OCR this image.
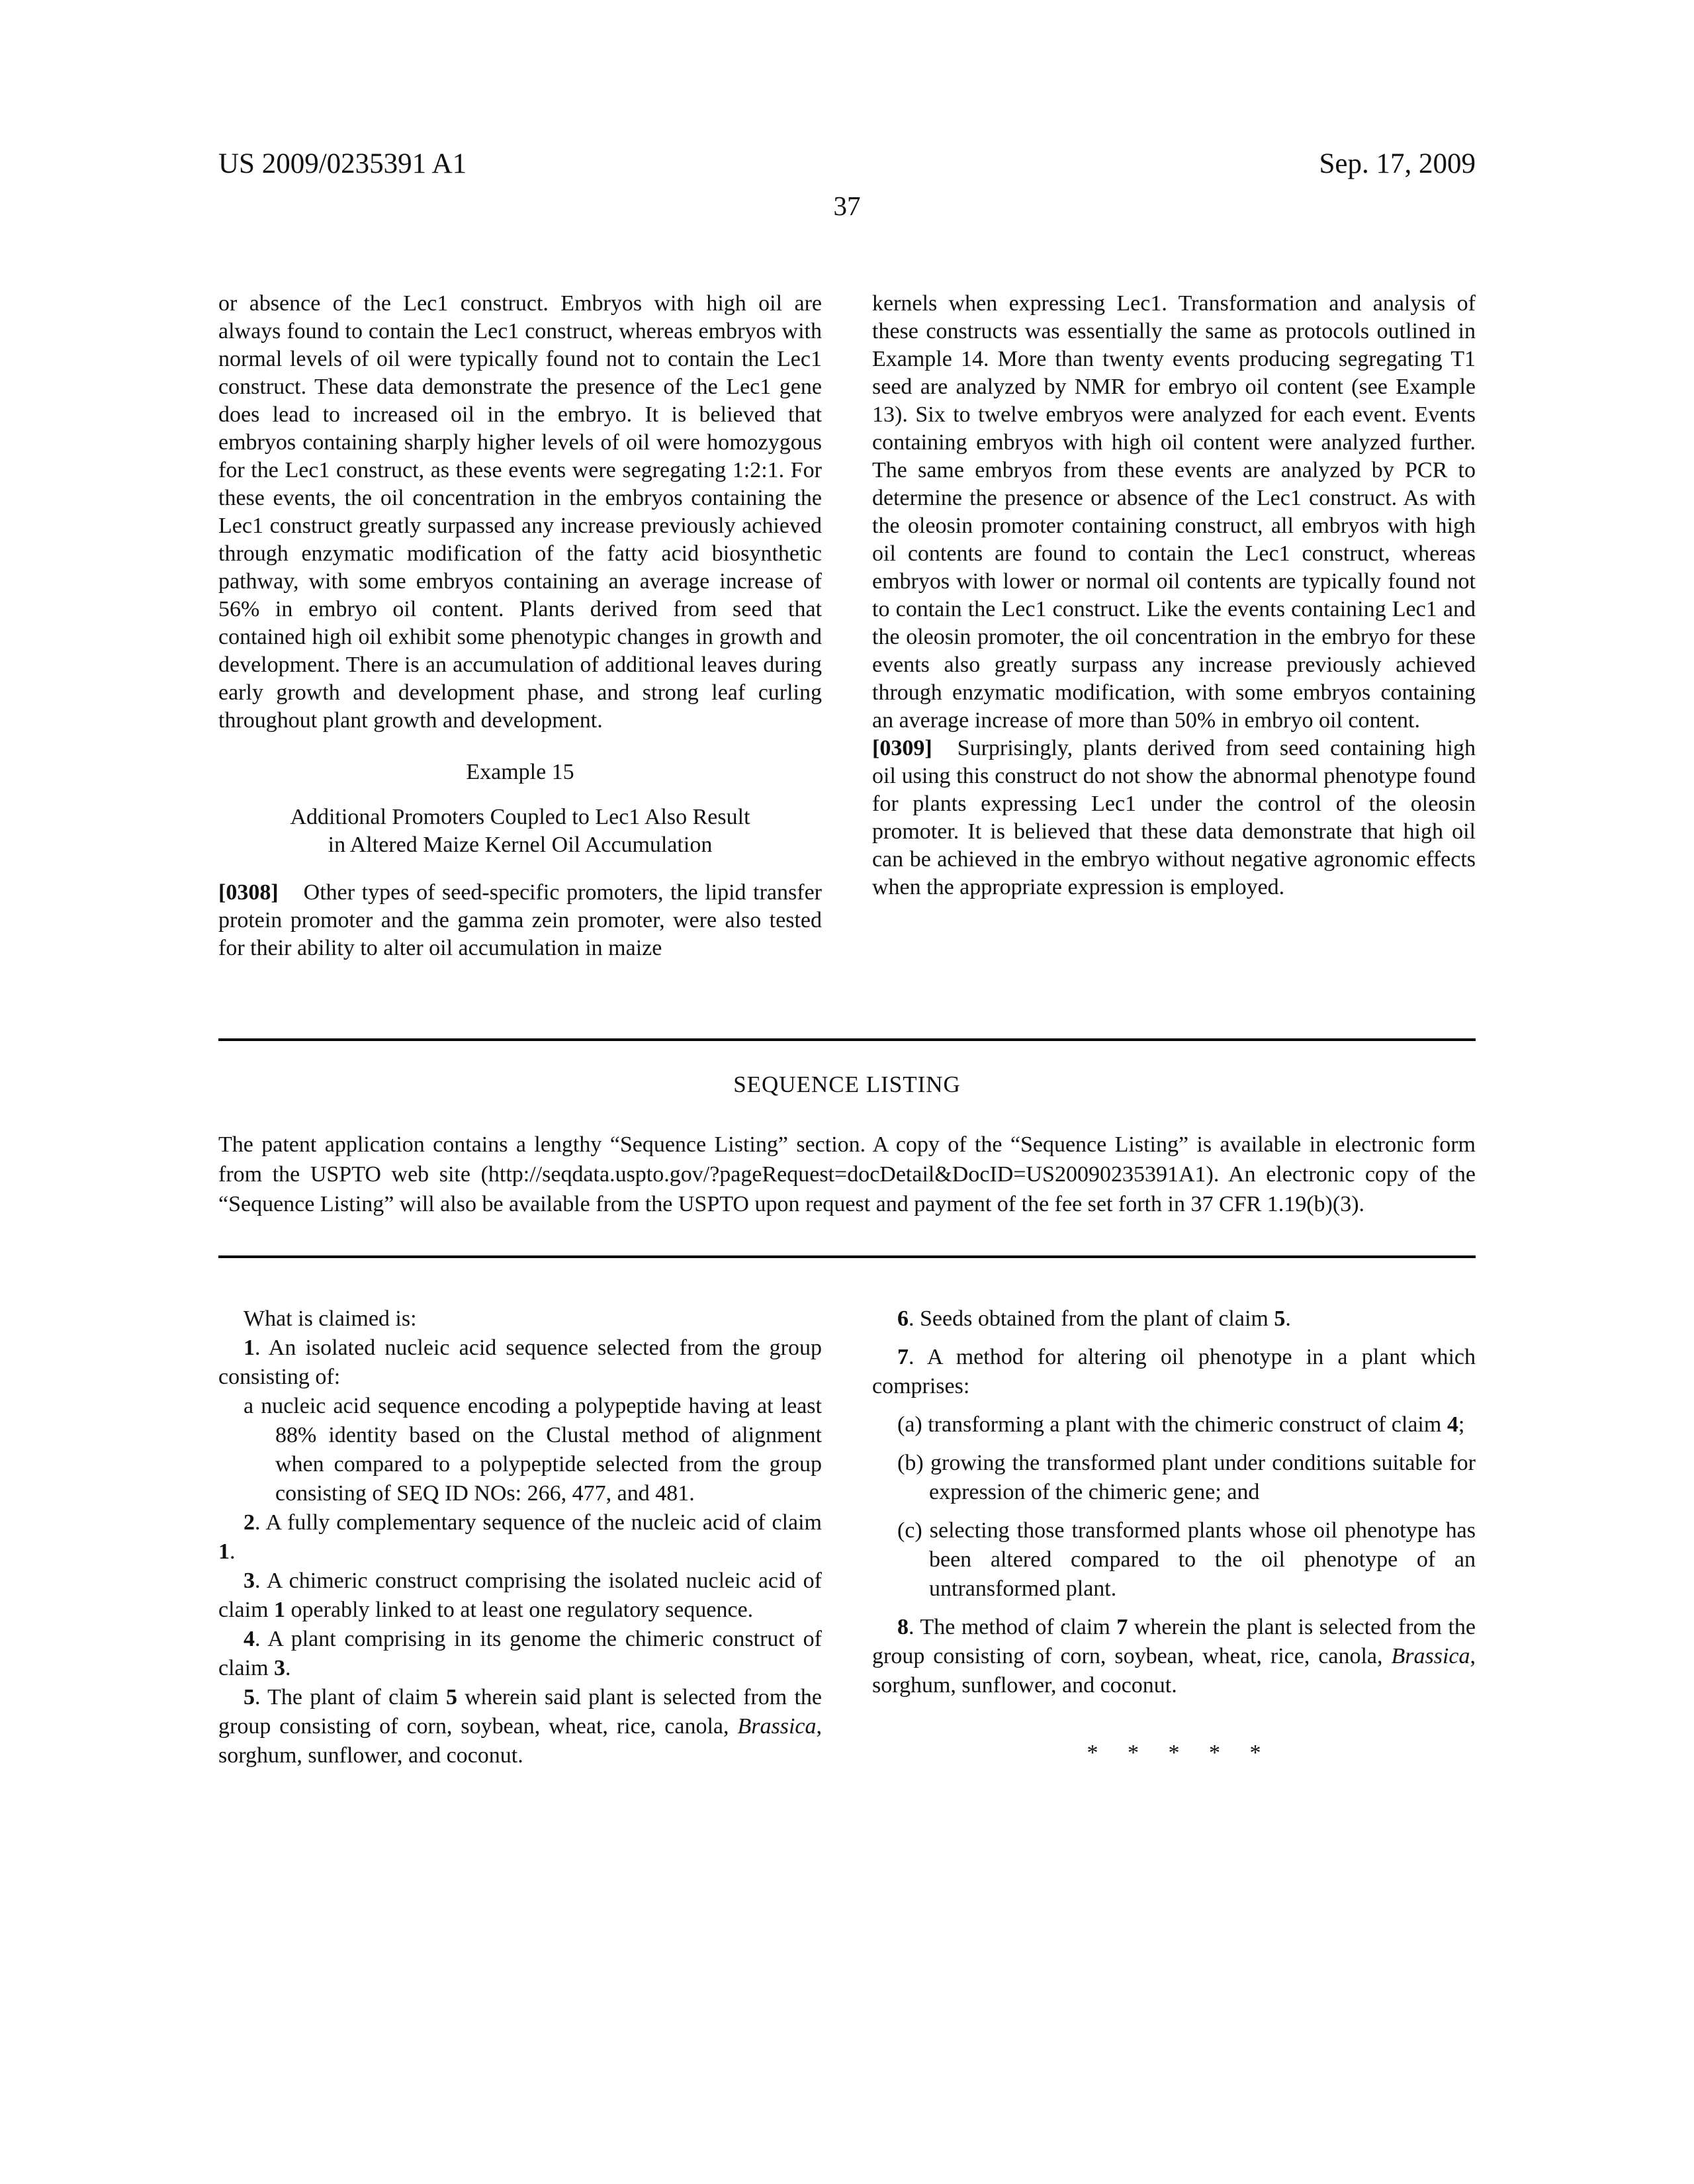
US 2009/0235391 A1	Sep. 17, 2009
37
or absence of the Lec1 construct. Embryos with high oil are always found to contain the Lec1 construct, whereas embryos with normal levels of oil were typically found not to contain the Lec1 construct. These data demonstrate the presence of the Lec1 gene does lead to increased oil in the embryo. It is believed that embryos containing sharply higher levels of oil were homozygous for the Lec1 construct, as these events were segregating 1:2:1. For these events, the oil concentration in the embryos containing the Lec1 construct greatly surpassed any increase previously achieved through enzymatic modification of the fatty acid biosynthetic pathway, with some embryos containing an average increase of 56% in embryo oil content. Plants derived from seed that contained high oil exhibit some phenotypic changes in growth and development. There is an accumulation of additional leaves during early growth and development phase, and strong leaf curling throughout plant growth and development.
Example 15
Additional Promoters Coupled to Lec1 Also Result
in Altered Maize Kernel Oil Accumulation
[0308] Other types of seed-specific promoters, the lipid transfer protein promoter and the gamma zein promoter, were also tested for their ability to alter oil accumulation in maize
kernels when expressing Lec1. Transformation and analysis of these constructs was essentially the same as protocols outlined in Example 14. More than twenty events producing segregating T1 seed are analyzed by NMR for embryo oil content (see Example 13). Six to twelve embryos were analyzed for each event. Events containing embryos with high oil content were analyzed further. The same embryos from these events are analyzed by PCR to determine the presence or absence of the Lec1 construct. As with the oleosin promoter containing construct, all embryos with high oil contents are found to contain the Lec1 construct, whereas embryos with lower or normal oil contents are typically found not to contain the Lec1 construct. Like the events containing Lec1 and the oleosin promoter, the oil concentration in the embryo for these events also greatly surpass any increase previously achieved through enzymatic modification, with some embryos containing an average increase of more than 50% in embryo oil content.
[0309] Surprisingly, plants derived from seed containing high oil using this construct do not show the abnormal phenotype found for plants expressing Lec1 under the control of the oleosin promoter. It is believed that these data demonstrate that high oil can be achieved in the embryo without negative agronomic effects when the appropriate expression is employed.
SEQUENCE LISTING
The patent application contains a lengthy “Sequence Listing” section. A copy of the “Sequence Listing” is available in electronic form from the USPTO web site (http://seqdata.uspto.gov/?pageRequest=docDetail&DocID=US20090235391A1). An electronic copy of the “Sequence Listing” will also be available from the USPTO upon request and payment of the fee set forth in 37 CFR 1.19(b)(3).
What is claimed is:
1. An isolated nucleic acid sequence selected from the group consisting of:
a nucleic acid sequence encoding a polypeptide having at least 88% identity based on the Clustal method of alignment when compared to a polypeptide selected from the group consisting of SEQ ID NOs: 266, 477, and 481.
2. A fully complementary sequence of the nucleic acid of claim 1.
3. A chimeric construct comprising the isolated nucleic acid of claim 1 operably linked to at least one regulatory sequence.
4. A plant comprising in its genome the chimeric construct of claim 3.
5. The plant of claim 5 wherein said plant is selected from the group consisting of corn, soybean, wheat, rice, canola, Brassica, sorghum, sunflower, and coconut.
6. Seeds obtained from the plant of claim 5.
7. A method for altering oil phenotype in a plant which comprises:
(a) transforming a plant with the chimeric construct of claim 4;
(b) growing the transformed plant under conditions suitable for expression of the chimeric gene; and
(c) selecting those transformed plants whose oil phenotype has been altered compared to the oil phenotype of an untransformed plant.
8. The method of claim 7 wherein the plant is selected from the group consisting of corn, soybean, wheat, rice, canola, Brassica, sorghum, sunflower, and coconut.
* * * * *
